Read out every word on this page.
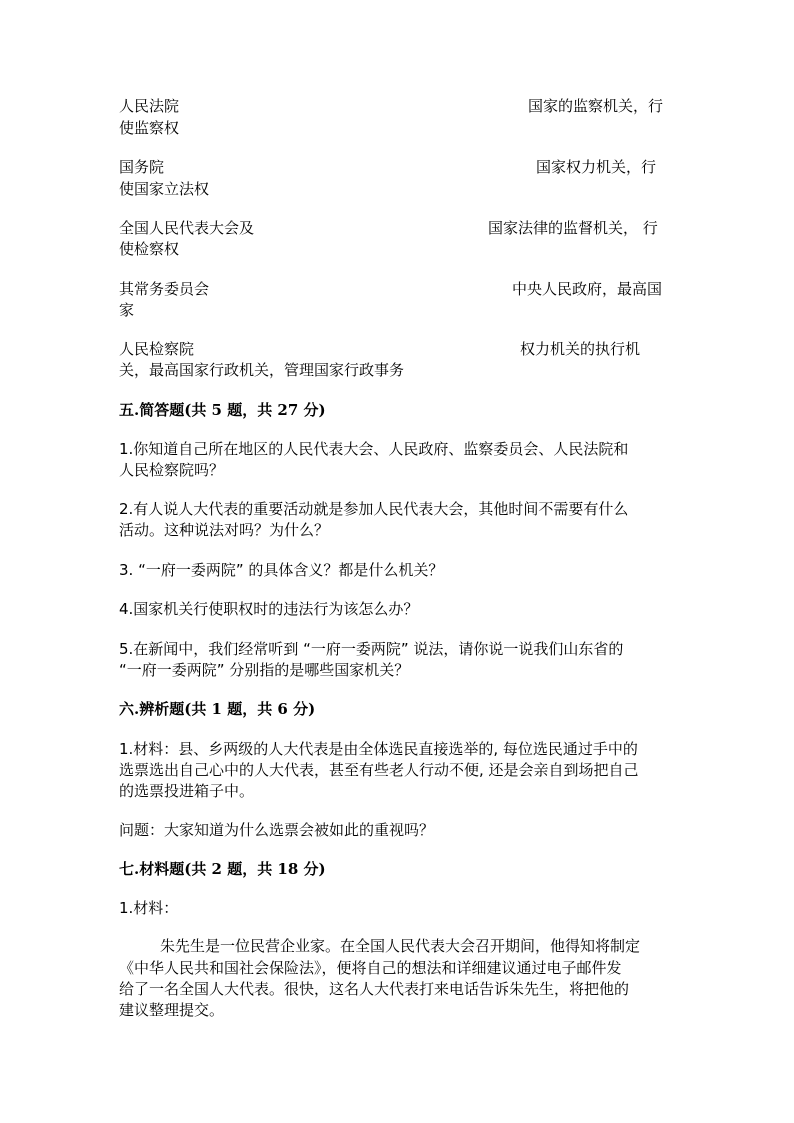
人民法院	国家的监察机关，行
使监察权
国务院	国家权力机关，行
使国家立法权
全国人民代表大会及	国家法律的监督机关， 行
使检察权
其常务委员会	中央人民政府，最高国
家
人民检察院	权力机关的执行机
关，最高国家行政机关，管理国家行政事务
五.简答题(共 5 题，共 27 分)
1.你知道自己所在地区的人民代表大会、人民政府、监察委员会、人民法院和
人民检察院吗？
2.有人说人大代表的重要活动就是参加人民代表大会，其他时间不需要有什么
活动。这种说法对吗？为什么？
3. “一府一委两院” 的具体含义？都是什么机关？
4.国家机关行使职权时的违法行为该怎么办？
5.在新闻中，我们经常听到 “一府一委两院” 说法，请你说一说我们山东省的
“一府一委两院” 分别指的是哪些国家机关？
六.辨析题(共 1 题，共 6 分)
1.材料：县、乡两级的人大代表是由全体选民直接选举的, 每位选民通过手中的
选票选出自己心中的人大代表，甚至有些老人行动不便, 还是会亲自到场把自己
的选票投进箱子中。
问题：大家知道为什么选票会被如此的重视吗？
七.材料题(共 2 题，共 18 分)
1.材料：
朱先生是一位民营企业家。在全国人民代表大会召开期间，他得知将制定
《中华人民共和国社会保险法》，便将自己的想法和详细建议通过电子邮件发
给了一名全国人大代表。很快，这名人大代表打来电话告诉朱先生，将把他的
建议整理提交。
